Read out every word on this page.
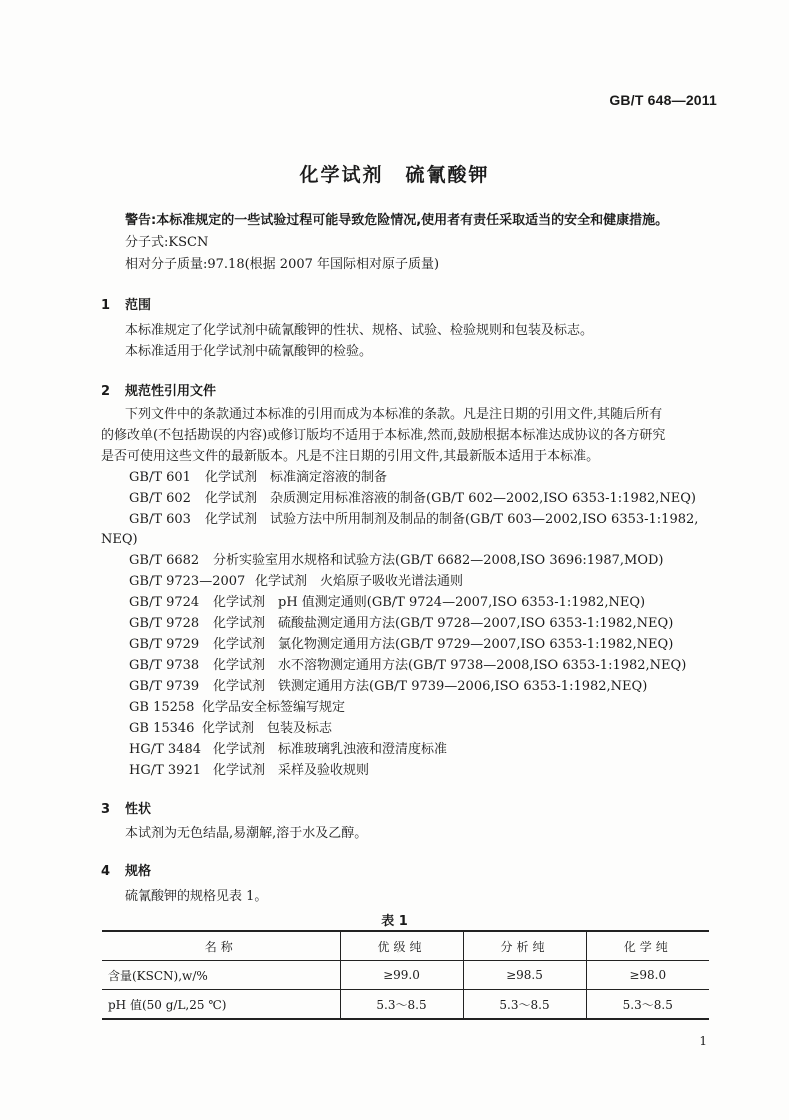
GB/T 648—2011
化学试剂 硫氰酸钾
警告:本标准规定的一些试验过程可能导致危险情况,使用者有责任采取适当的安全和健康措施。
分子式:KSCN
相对分子质量:97.18(根据 2007 年国际相对原子质量)
1 范围
本标准规定了化学试剂中硫氰酸钾的性状、规格、试验、检验规则和包装及标志。
本标准适用于化学试剂中硫氰酸钾的检验。
2 规范性引用文件
下列文件中的条款通过本标准的引用而成为本标准的条款。凡是注日期的引用文件,其随后所有
的修改单(不包括勘误的内容)或修订版均不适用于本标准,然而,鼓励根据本标准达成协议的各方研究
是否可使用这些文件的最新版本。凡是不注日期的引用文件,其最新版本适用于本标准。
GB/T 601 化学试剂　标准滴定溶液的制备
GB/T 602 化学试剂　杂质测定用标准溶液的制备(GB/T 602—2002,ISO 6353-1:1982,NEQ)
GB/T 603 化学试剂　试验方法中所用制剂及制品的制备(GB/T 603—2002,ISO 6353-1:1982,
NEQ)
GB/T 6682 分析实验室用水规格和试验方法(GB/T 6682—2008,ISO 3696:1987,MOD)
GB/T 9723—2007 化学试剂　火焰原子吸收光谱法通则
GB/T 9724 化学试剂　pH 值测定通则(GB/T 9724—2007,ISO 6353-1:1982,NEQ)
GB/T 9728 化学试剂　硫酸盐测定通用方法(GB/T 9728—2007,ISO 6353-1:1982,NEQ)
GB/T 9729 化学试剂　氯化物测定通用方法(GB/T 9729—2007,ISO 6353-1:1982,NEQ)
GB/T 9738 化学试剂　水不溶物测定通用方法(GB/T 9738—2008,ISO 6353-1:1982,NEQ)
GB/T 9739 化学试剂　铁测定通用方法(GB/T 9739—2006,ISO 6353-1:1982,NEQ)
GB 15258 化学品安全标签编写规定
GB 15346 化学试剂　包装及标志
HG/T 3484 化学试剂　标准玻璃乳浊液和澄清度标准
HG/T 3921 化学试剂　采样及验收规则
3 性状
本试剂为无色结晶,易潮解,溶于水及乙醇。
4 规格
硫氰酸钾的规格见表 1。
表 1
名称	优级纯	分析纯	化学纯
含量(KSCN),w/%	≥99.0	≥98.5	≥98.0
pH 值(50 g/L,25 ℃)	5.3～8.5	5.3～8.5	5.3～8.5
1
